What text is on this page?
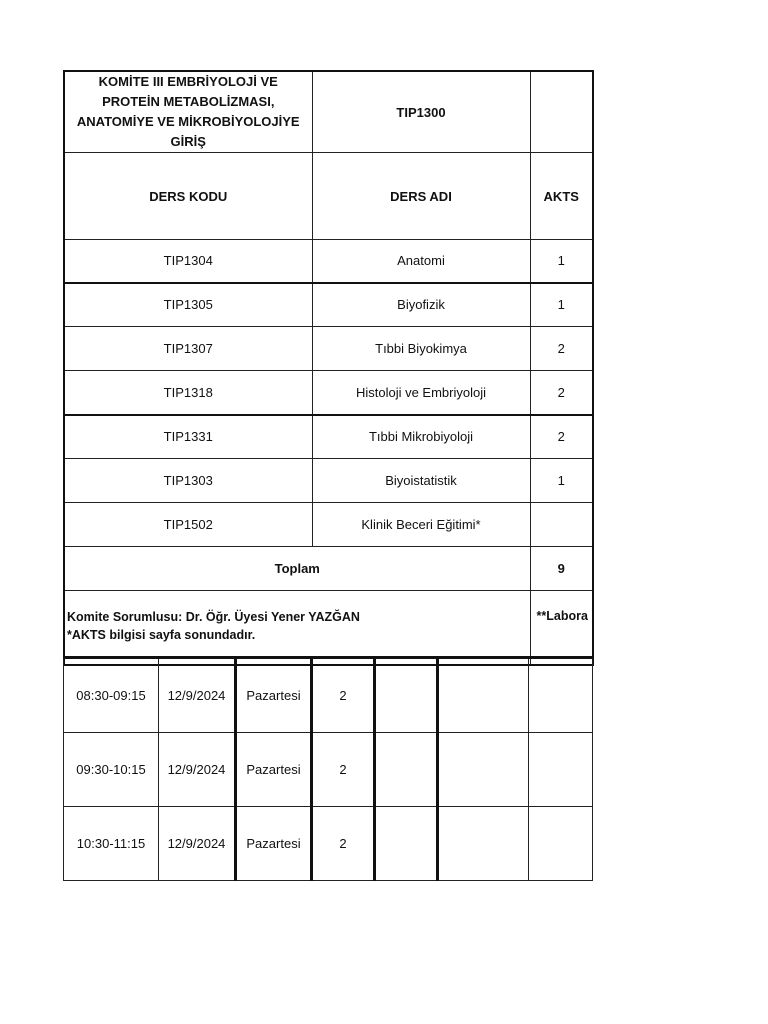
KOMİTE III EMBRİYOLOJİ VE PROTEİN METABOLİZMASI, ANATOMİYE VE MİKROBİYOLOJİYE GİRİŞ	TIP1300	
DERS KODU	DERS ADI	AKTS
TIP1304	Anatomi	1
TIP1305	Biyofizik	1
TIP1307	Tıbbi Biyokimya	2
TIP1318	Histoloji ve Embriyoloji	2
TIP1331	Tıbbi Mikrobiyoloji	2
TIP1303	Biyoistatistik	1
TIP1502	Klinik Beceri Eğitimi*	
Toplam		9

Komite Sorumlusu: Dr. Öğr. Üyesi Yener YAZĞAN
*AKTS bilgisi sayfa sonundadır.		**Labora
08:30-09:15	12/9/2024	Pazartesi	2			
09:30-10:15	12/9/2024	Pazartesi	2			
10:30-11:15	12/9/2024	Pazartesi	2			
